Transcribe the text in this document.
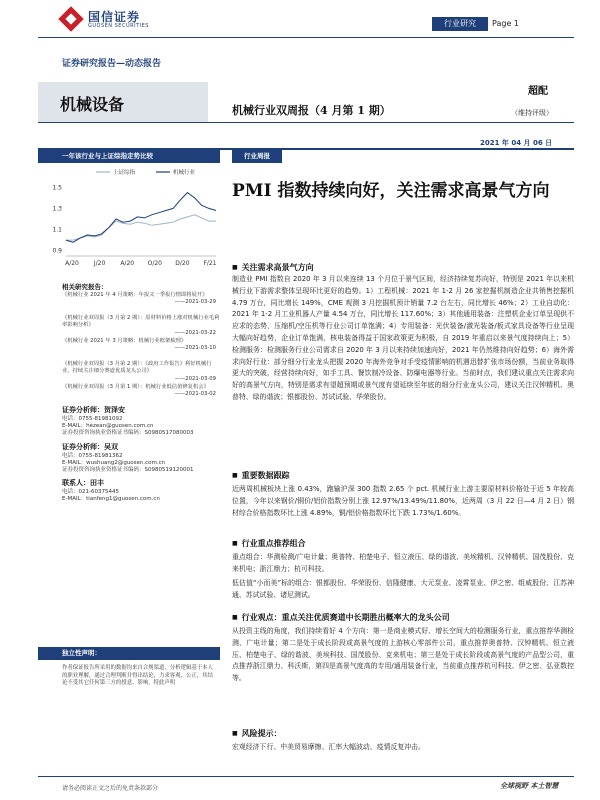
国信证券
GUOSEN SECURITIES	行业研究	Page 1
证券研究报告—动态报告
机械设备	机械行业双周报（4 月第 1 期）
超配
（维持评级）
2021 年 04 月 06 日
一年该行业与上证综指走势比较
上证综指	机械行业
0.9
1.1
1.3
1.5
A/20 J/20 A/20 O/20 D/20 F/21
相关研究报告：
《机械行业 2021 年 4 月策略：年报又一季报行情即将展开》
——2021-03-29
《机械行业双周报（3 月第 2 期）：原材料价格上涨对机械行业毛利率影响分析》
——2021-03-22
《机械行业 2021 年 3 月策略：机械行业框架梳理》
——2021-03-10
《机械行业双周报（3 月第 2 期）：《政府工作报告》利好机械行业，持续关注细分赛道优质龙头公司》
——2021-03-09
《机械行业双周报（3 月第 1 期）：机械行业低估值修复机会》
——2021-03-02
证券分析师：贺泽安
电话：0755-81981092
E-MAIL：hezean@guosen.com.cn
证券投资咨询执业资格证书编码：S0980517080003
证券分析师：吴双
电话：0755-81981362
E-MAIL：wushuang2@guosen.com.cn
证券投资咨询执业资格证书编码：S0980519120001
联系人：田丰
电话：021-60375445
E-MAIL：tianfeng1@guosen.com.cn
独立性声明：
作者保证报告所采用的数据均来自合规渠道，分析逻辑基于本人的职业理解，通过合理判断并得出结论，力求客观、公正，其结论不受其它任何第三方的授意、影响，特此声明
行业周报
PMI 指数持续向好，关注需求高景气方向
■ 关注需求高景气方向
制造业 PMI 指数自 2020 年 3 月以来连续 13 个月位于景气区间，经济持续复苏向好，特别是 2021 年以来机械行业下游需求整体呈现环比更好的趋势。1）工程机械：2021 年 1-2 月 26 家挖掘机制造企业共销售挖掘机 4.79 万台，同比增长 149%，CME 观测 3 月挖掘机预计销量 7.2 台左右，同比增长 46%；2）工业自动化：2021 年 1-2 月工业机器人产量 4.54 万台，同比增长 117.60%；3）其他通用装备：注塑机企业订单呈现供不应求的态势，压缩机/空压机等行业公司订单饱满；4）专用装备：光伏装备/激光装备/板式家具设备等行业呈现大幅向好趋势，企业订单饱满，核电装备得益于国家政策更为积极，自 2019 年重启以来景气度持续向上；5）检测服务：检测服务行业公司需求自 2020 年 3 月以来持续加速向好，2021 年仍然维持向好趋势；6）海外需求向好行业：部分细分行业龙头把握 2020 年海外竞争对手受疫情影响的机遇迅替扩张市场份额，当前业务取得更大的突破，经营持续向好，如手工具、餐饮制冷设备、防爆电器等行业。当前时点，我们建议重点关注需求向好的高景气方向，特别是需求有望超预期或景气度有望延续至年底的细分行业龙头公司，建议关注汉钟精机、奥普特、绿的谐波；银都股份、苏试试验、华荣股份。
■ 重要数据跟踪
近两周机械板块上涨 0.43%，跑输沪深 300 指数 2.65 个 pct. 机械行业上游主要原材料价格处于近 5 年较高位置，今年以来钢价/铜价/铝价指数分别上涨 12.97%/13.49%/11.80%，近两周（3 月 22 日—4 月 2 日）钢材综合价格指数环比上涨 4.89%，铜/铝价格指数环比下跌 1.73%/1.60%。
■ 行业重点推荐组合
重点组合：华测检测/广电计量；奥普特、柏楚电子、恒立液压、绿的谐波、美埃精机、汉钟精机、国茂股份、克来机电；浙江鼎力；杭可科技。
低估值“小而美”标的组合：银都股份、华荣股份、信隆健康、大元泵业、凌霄泵业、伊之密、组威股份、江苏神通、苏试试验、诸尼测试。
■ 行业观点：重点关注优质赛道中长期胜出概率大的龙头公司
从投资主线的角度，我们持续看好 4 个方向：第一是商业模式好、增长空间大的检测服务行业，重点推荐华测检测、广电计量；第二是处于成长阶段或高景气度的上游核心零部件公司，重点推荐奥普特、汉钟精机、恒立液压、柏楚电子、绿的谐波、美埃科技、国茂股份、克来机电；第三是处于成长阶段或高景气度的产品型公司，重点推荐浙江鼎力、科沃斯，第四是高景气度高的专用/通用装备行业，当前重点推荐杭可科技、伊之密、弘亚数控等。
■ 风险提示：
宏观经济下行、中美贸易摩擦、汇率大幅波动、疫情反复冲击。
请务必阅读正文之后的免责条款部分	全球视野 本土智慧
